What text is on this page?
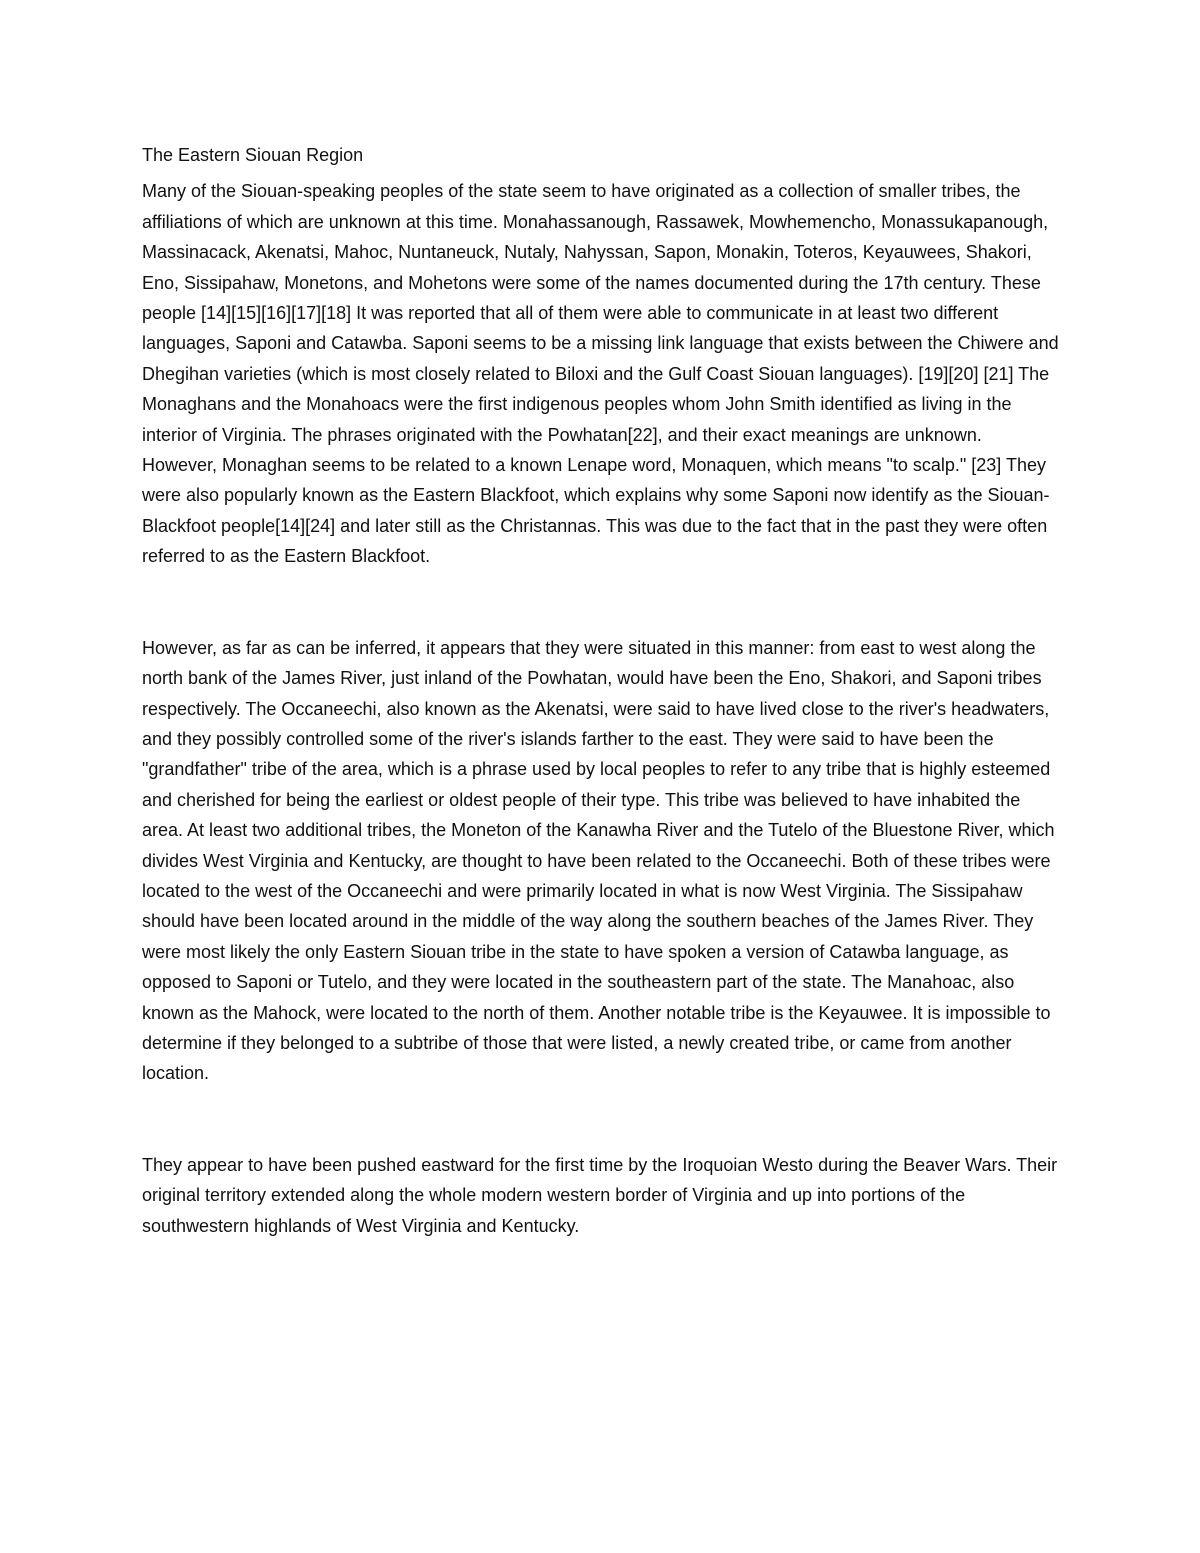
The Eastern Siouan Region

Many of the Siouan-speaking peoples of the state seem to have originated as a collection of smaller tribes, the affiliations of which are unknown at this time. Monahassanough, Rassawek, Mowhemencho, Monassukapanough, Massinacack, Akenatsi, Mahoc, Nuntaneuck, Nutaly, Nahyssan, Sapon, Monakin, Toteros, Keyauwees, Shakori, Eno, Sissipahaw, Monetons, and Mohetons were some of the names documented during the 17th century. These people [14][15][16][17][18] It was reported that all of them were able to communicate in at least two different languages, Saponi and Catawba. Saponi seems to be a missing link language that exists between the Chiwere and Dhegihan varieties (which is most closely related to Biloxi and the Gulf Coast Siouan languages). [19][20] [21] The Monaghans and the Monahoacs were the first indigenous peoples whom John Smith identified as living in the interior of Virginia. The phrases originated with the Powhatan[22], and their exact meanings are unknown. However, Monaghan seems to be related to a known Lenape word, Monaquen, which means "to scalp." [23] They were also popularly known as the Eastern Blackfoot, which explains why some Saponi now identify as the Siouan-Blackfoot people[14][24] and later still as the Christannas. This was due to the fact that in the past they were often referred to as the Eastern Blackfoot.

However, as far as can be inferred, it appears that they were situated in this manner: from east to west along the north bank of the James River, just inland of the Powhatan, would have been the Eno, Shakori, and Saponi tribes respectively. The Occaneechi, also known as the Akenatsi, were said to have lived close to the river's headwaters, and they possibly controlled some of the river's islands farther to the east. They were said to have been the "grandfather" tribe of the area, which is a phrase used by local peoples to refer to any tribe that is highly esteemed and cherished for being the earliest or oldest people of their type. This tribe was believed to have inhabited the area. At least two additional tribes, the Moneton of the Kanawha River and the Tutelo of the Bluestone River, which divides West Virginia and Kentucky, are thought to have been related to the Occaneechi. Both of these tribes were located to the west of the Occaneechi and were primarily located in what is now West Virginia. The Sissipahaw should have been located around in the middle of the way along the southern beaches of the James River. They were most likely the only Eastern Siouan tribe in the state to have spoken a version of Catawba language, as opposed to Saponi or Tutelo, and they were located in the southeastern part of the state. The Manahoac, also known as the Mahock, were located to the north of them. Another notable tribe is the Keyauwee. It is impossible to determine if they belonged to a subtribe of those that were listed, a newly created tribe, or came from another location.

They appear to have been pushed eastward for the first time by the Iroquoian Westo during the Beaver Wars. Their original territory extended along the whole modern western border of Virginia and up into portions of the southwestern highlands of West Virginia and Kentucky.
